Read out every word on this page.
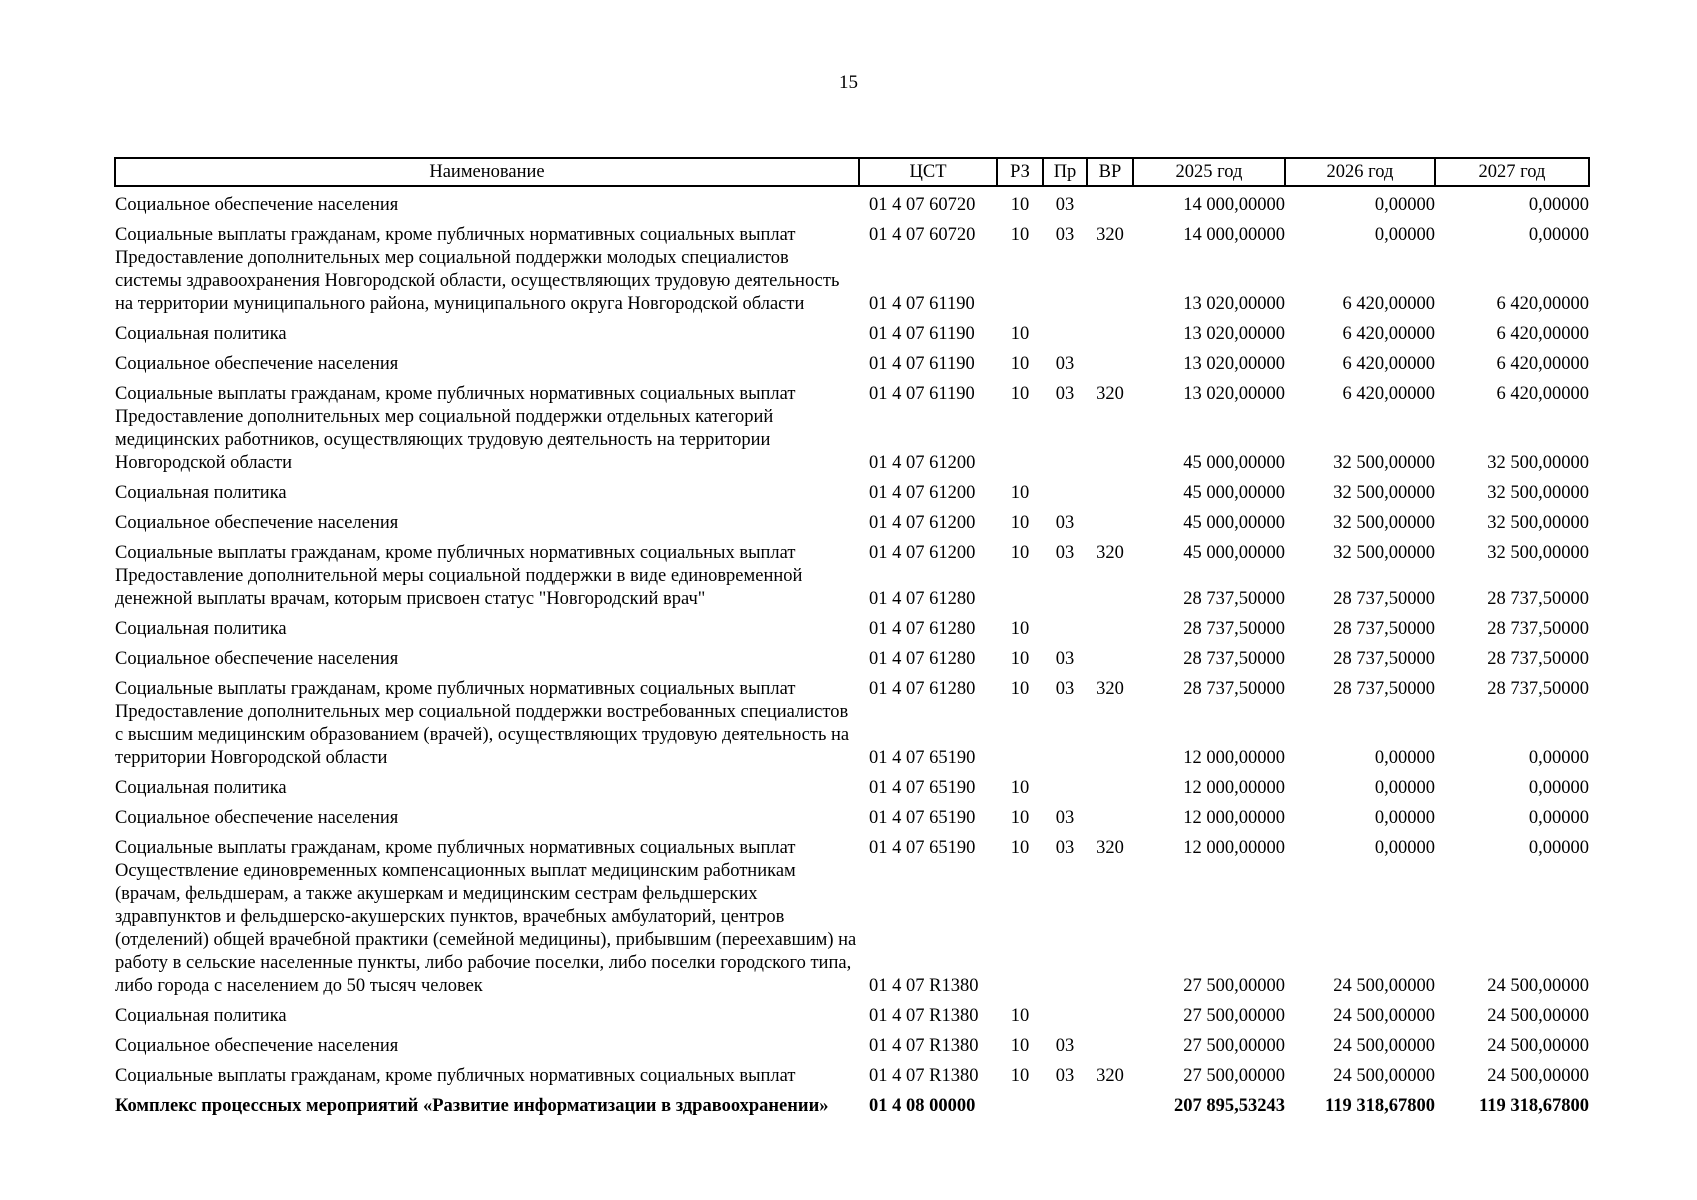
15
Наименование	ЦСТ	РЗ	Пр	ВР	2025 год	2026 год	2027 год
Социальное обеспечение населения	01 4 07 60720	10	03		14 000,00000	0,00000	0,00000
Социальные выплаты гражданам, кроме публичных нормативных социальных выплат	01 4 07 60720	10	03	320	14 000,00000	0,00000	0,00000
Предоставление дополнительных мер социальной поддержки молодых специалистов системы здравоохранения Новгородской области, осуществляющих трудовую деятельность на территории муниципального района, муниципального округа Новгородской области	01 4 07 61190				13 020,00000	6 420,00000	6 420,00000
Социальная политика	01 4 07 61190	10			13 020,00000	6 420,00000	6 420,00000
Социальное обеспечение населения	01 4 07 61190	10	03		13 020,00000	6 420,00000	6 420,00000
Социальные выплаты гражданам, кроме публичных нормативных социальных выплат	01 4 07 61190	10	03	320	13 020,00000	6 420,00000	6 420,00000
Предоставление дополнительных мер социальной поддержки отдельных категорий медицинских работников, осуществляющих трудовую деятельность на территории Новгородской области	01 4 07 61200				45 000,00000	32 500,00000	32 500,00000
Социальная политика	01 4 07 61200	10			45 000,00000	32 500,00000	32 500,00000
Социальное обеспечение населения	01 4 07 61200	10	03		45 000,00000	32 500,00000	32 500,00000
Социальные выплаты гражданам, кроме публичных нормативных социальных выплат	01 4 07 61200	10	03	320	45 000,00000	32 500,00000	32 500,00000
Предоставление дополнительной меры социальной поддержки в виде единовременной денежной выплаты врачам, которым присвоен статус "Новгородский врач"	01 4 07 61280				28 737,50000	28 737,50000	28 737,50000
Социальная политика	01 4 07 61280	10			28 737,50000	28 737,50000	28 737,50000
Социальное обеспечение населения	01 4 07 61280	10	03		28 737,50000	28 737,50000	28 737,50000
Социальные выплаты гражданам, кроме публичных нормативных социальных выплат	01 4 07 61280	10	03	320	28 737,50000	28 737,50000	28 737,50000
Предоставление дополнительных мер социальной поддержки востребованных специалистов с высшим медицинским образованием (врачей), осуществляющих трудовую деятельность на территории Новгородской области	01 4 07 65190				12 000,00000	0,00000	0,00000
Социальная политика	01 4 07 65190	10			12 000,00000	0,00000	0,00000
Социальное обеспечение населения	01 4 07 65190	10	03		12 000,00000	0,00000	0,00000
Социальные выплаты гражданам, кроме публичных нормативных социальных выплат	01 4 07 65190	10	03	320	12 000,00000	0,00000	0,00000
Осуществление единовременных компенсационных выплат медицинским работникам (врачам, фельдшерам, а также акушеркам и медицинским сестрам фельдшерских здравпунктов и фельдшерско-акушерских пунктов, врачебных амбулаторий, центров (отделений) общей врачебной практики (семейной медицины), прибывшим (переехавшим) на работу в сельские населенные пункты, либо рабочие поселки, либо поселки городского типа, либо города с населением до 50 тысяч человек	01 4 07 R1380				27 500,00000	24 500,00000	24 500,00000
Социальная политика	01 4 07 R1380	10			27 500,00000	24 500,00000	24 500,00000
Социальное обеспечение населения	01 4 07 R1380	10	03		27 500,00000	24 500,00000	24 500,00000
Социальные выплаты гражданам, кроме публичных нормативных социальных выплат	01 4 07 R1380	10	03	320	27 500,00000	24 500,00000	24 500,00000
Комплекс процессных мероприятий «Развитие информатизации в здравоохранении»	01 4 08 00000				207 895,53243	119 318,67800	119 318,67800
